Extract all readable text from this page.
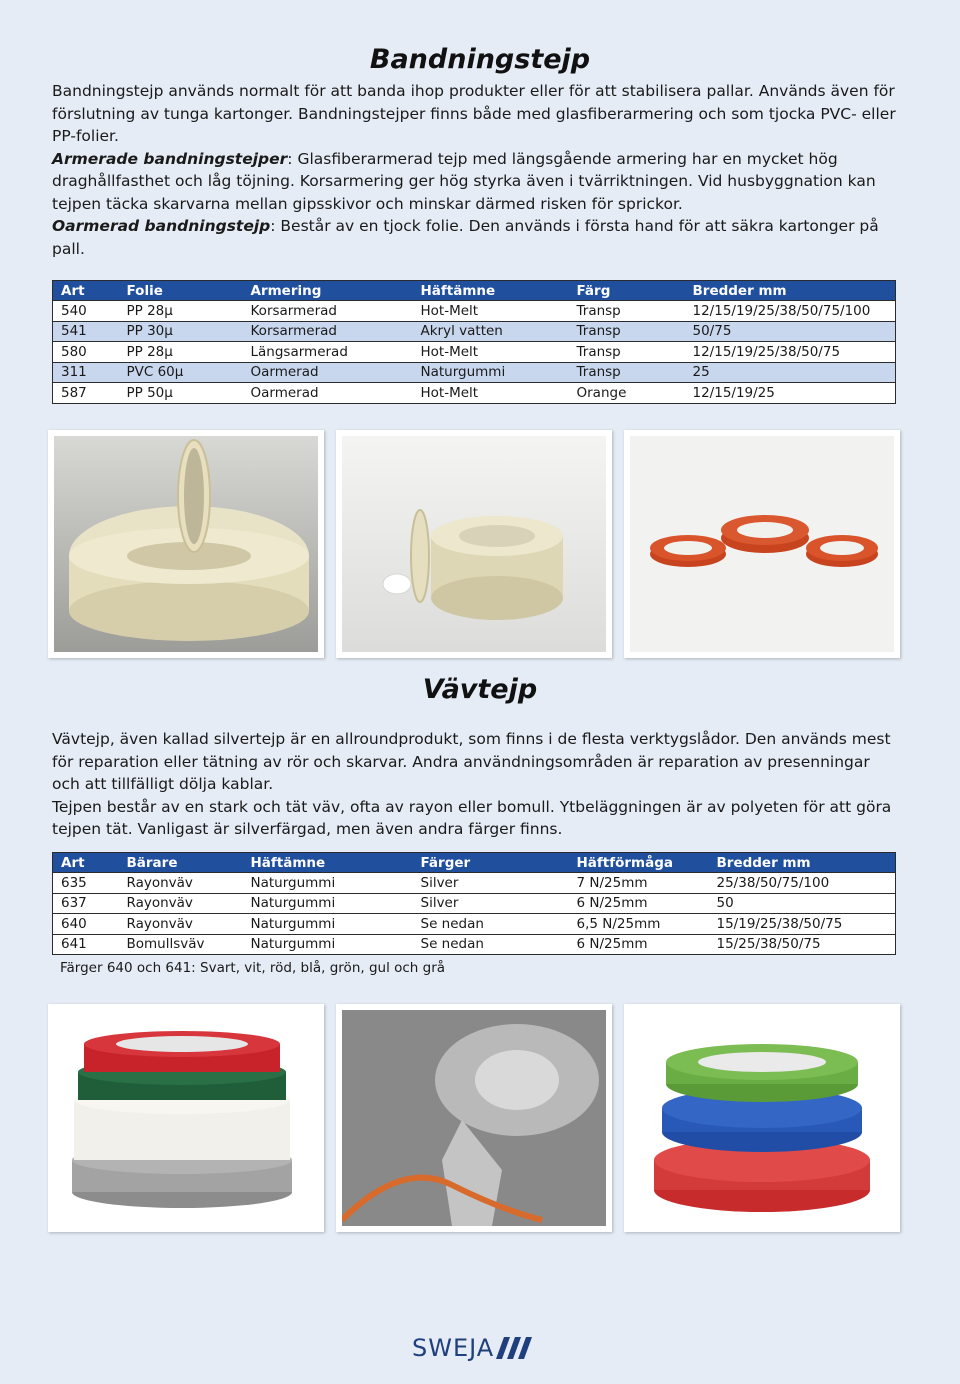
Bandningstejp

Bandningstejp används normalt för att banda ihop produkter eller för att stabilisera pallar. Används även för förslutning av tunga kartonger. Bandningstejper finns både med glasfiberarmering och som tjocka PVC- eller PP-folier.

Armerade bandningstejper: Glasfiberarmerad tejp med längsgående armering har en mycket hög draghållfasthet och låg töjning. Korsarmering ger hög styrka även i tvärriktningen. Vid husbyggnation kan tejpen täcka skarvarna mellan gipsskivor och minskar därmed risken för sprickor.

Oarmerad bandningstejp: Består av en tjock folie. Den används i första hand för att säkra kartonger på pall.

Art	Folie	Armering	Häftämne	Färg	Bredder mm
540	PP 28µ	Korsarmerad	Hot-Melt	Transp	12/15/19/25/38/50/75/100
541	PP 30µ	Korsarmerad	Akryl vatten	Transp	50/75
580	PP 28µ	Längsarmerad	Hot-Melt	Transp	12/15/19/25/38/50/75
311	PVC 60µ	Oarmerad	Naturgummi	Transp	25
587	PP 50µ	Oarmerad	Hot-Melt	Orange	12/15/19/25
Vävtejp

Vävtejp, även kallad silvertejp är en allroundprodukt, som finns i de flesta verktygslådor. Den används mest för reparation eller tätning av rör och skarvar. Andra användningsområden är reparation av presenningar och att tillfälligt dölja kablar.

Tejpen består av en stark och tät väv, ofta av rayon eller bomull. Ytbeläggningen är av polyeten för att göra tejpen tät. Vanligast är silverfärgad, men även andra färger finns.

Art	Bärare	Häftämne	Färger	Häftförmåga	Bredder mm
635	Rayonväv	Naturgummi	Silver	7 N/25mm	25/38/50/75/100
637	Rayonväv	Naturgummi	Silver	6 N/25mm	50
640	Rayonväv	Naturgummi	Se nedan	6,5 N/25mm	15/19/25/38/50/75
641	Bomullsväv	Naturgummi	Se nedan	6 N/25mm	15/25/38/50/75
Färger 640 och 641: Svart, vit, röd, blå, grön, gul och grå
SWEJA
